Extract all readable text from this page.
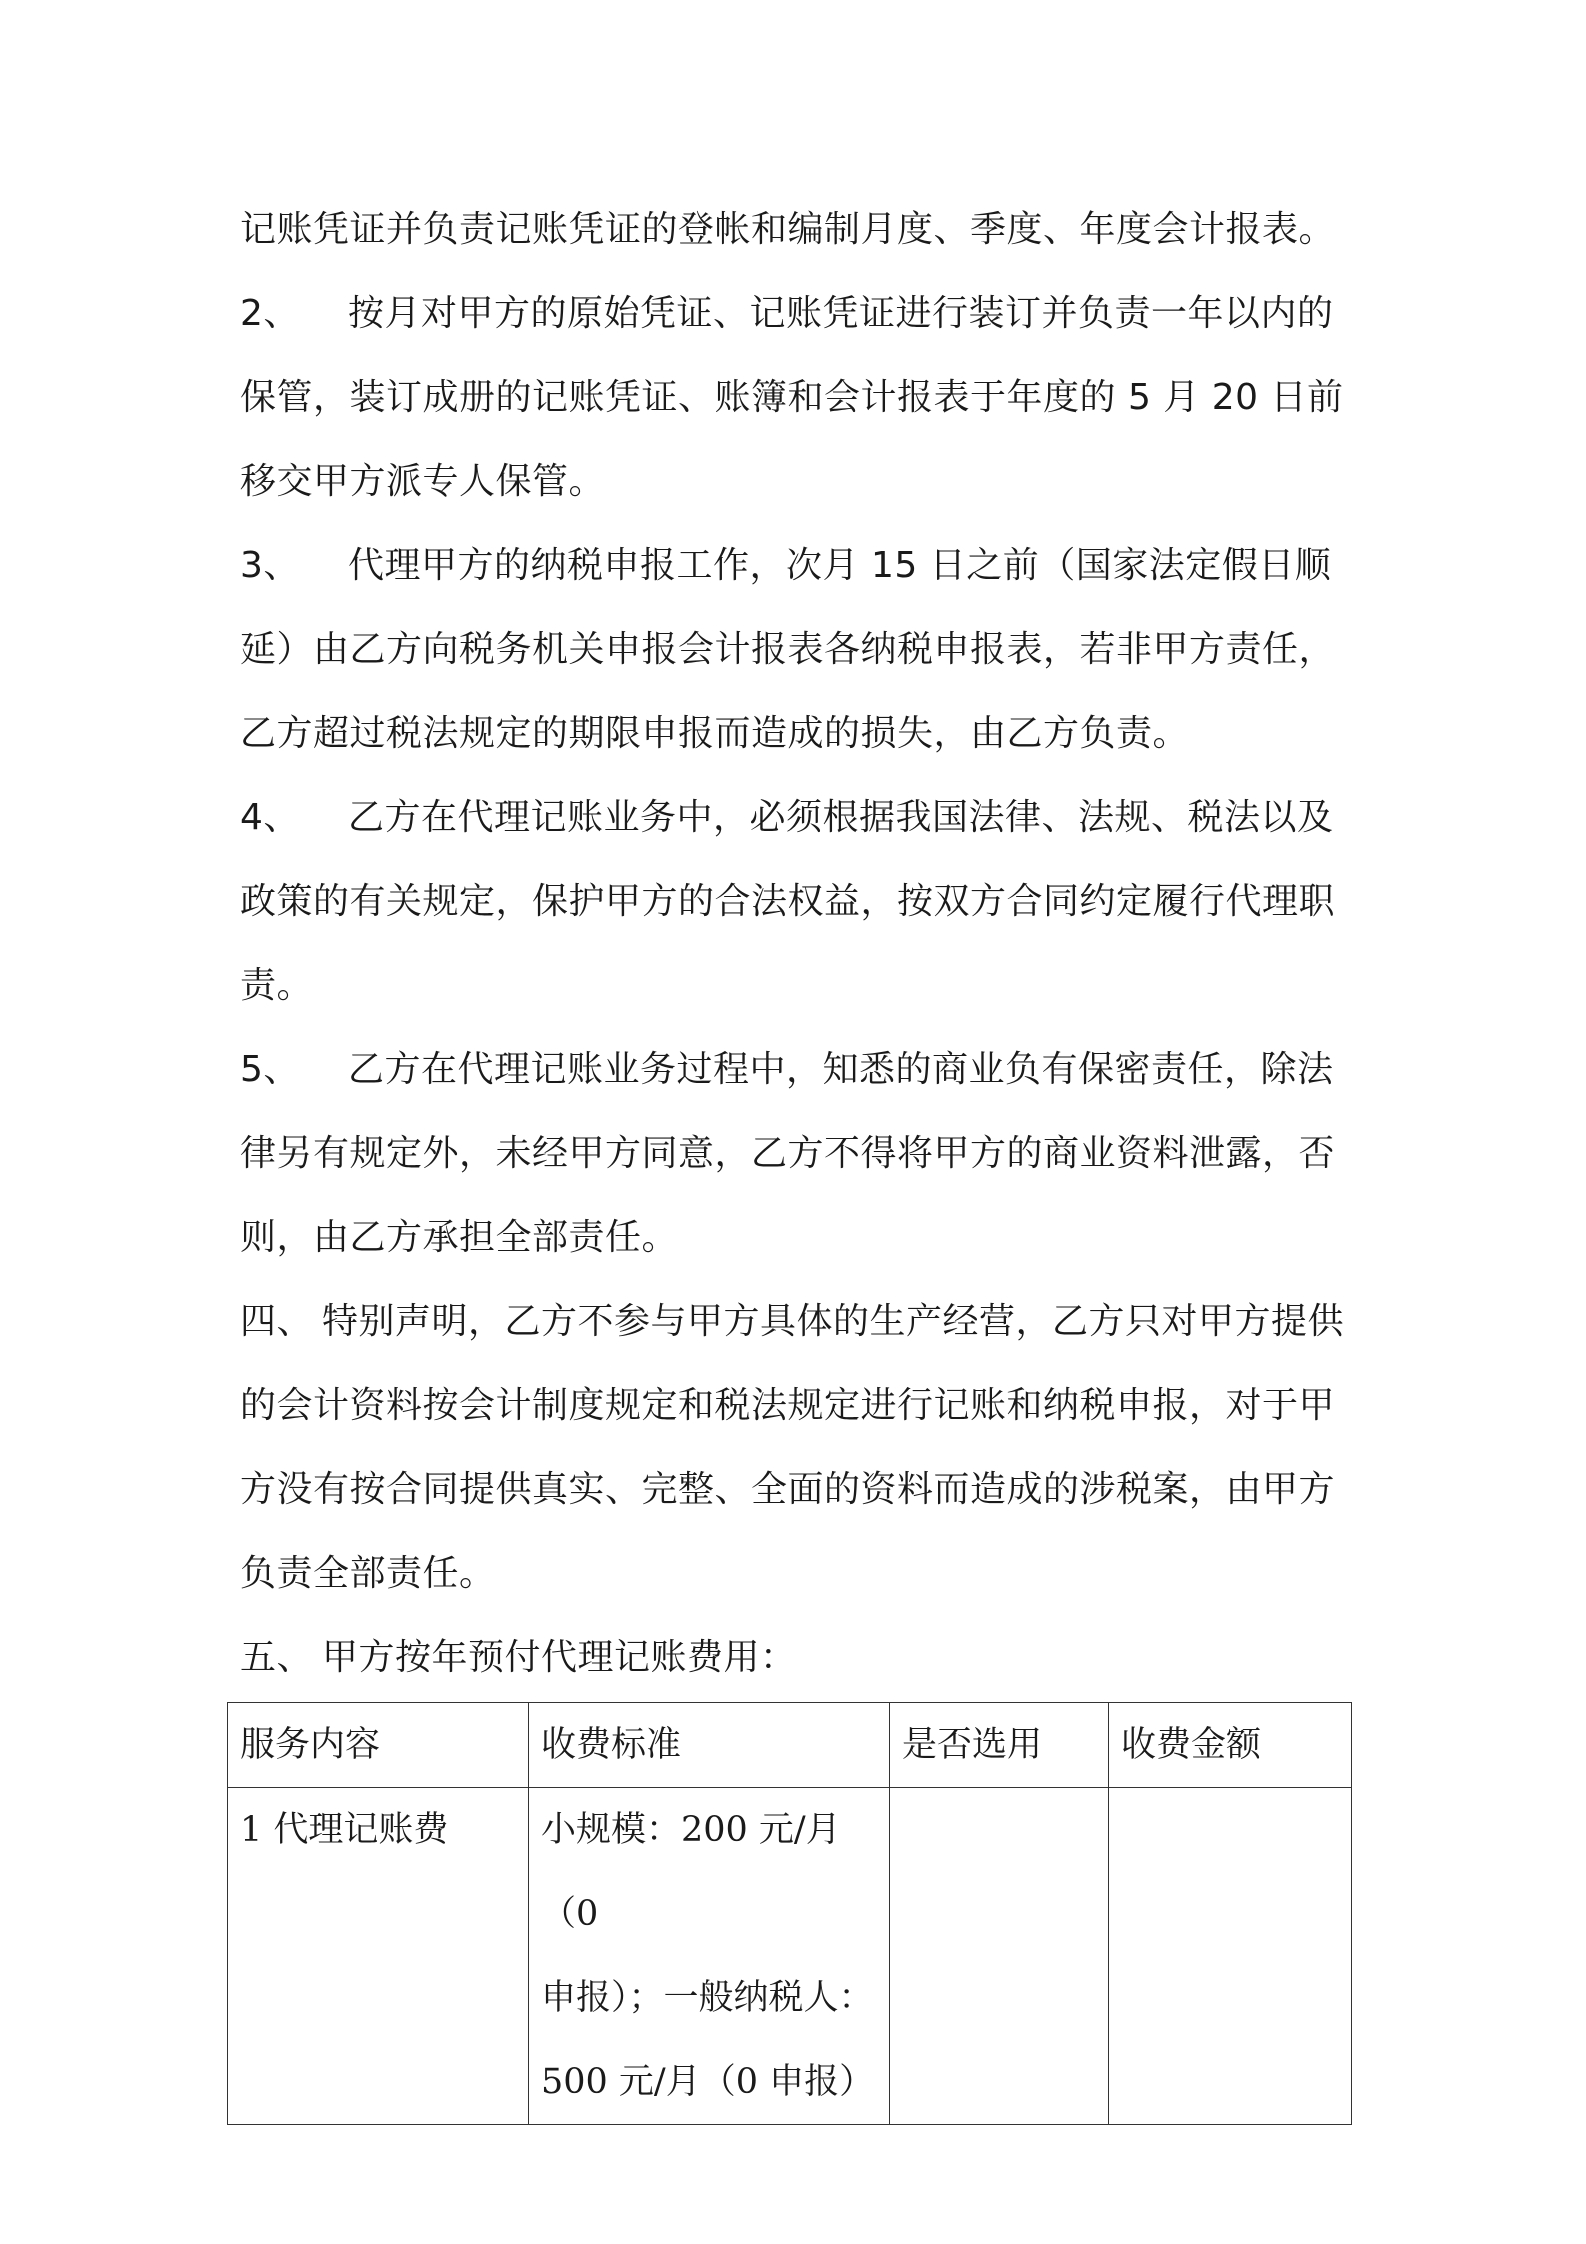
记账凭证并负责记账凭证的登帐和编制月度、季度、年度会计报表。
2、 按月对甲方的原始凭证、记账凭证进行装订并负责一年以内的
保管，装订成册的记账凭证、账簿和会计报表于年度的 5 月 20 日前
移交甲方派专人保管。
3、 代理甲方的纳税申报工作，次月 15 日之前（国家法定假日顺
延）由乙方向税务机关申报会计报表各纳税申报表，若非甲方责任，
乙方超过税法规定的期限申报而造成的损失，由乙方负责。
4、 乙方在代理记账业务中，必须根据我国法律、法规、税法以及
政策的有关规定，保护甲方的合法权益，按双方合同约定履行代理职
责。
5、 乙方在代理记账业务过程中，知悉的商业负有保密责任，除法
律另有规定外，未经甲方同意，乙方不得将甲方的商业资料泄露，否
则，由乙方承担全部责任。
四、 特别声明，乙方不参与甲方具体的生产经营，乙方只对甲方提供
的会计资料按会计制度规定和税法规定进行记账和纳税申报，对于甲
方没有按合同提供真实、完整、全面的资料而造成的涉税案，由甲方
负责全部责任。
五、 甲方按年预付代理记账费用：
服务内容	收费标准	是否选用	收费金额
1 代理记账费	小规模：200 元/月（0
申报）；一般纳税人：
500 元/月（0 申报）		
